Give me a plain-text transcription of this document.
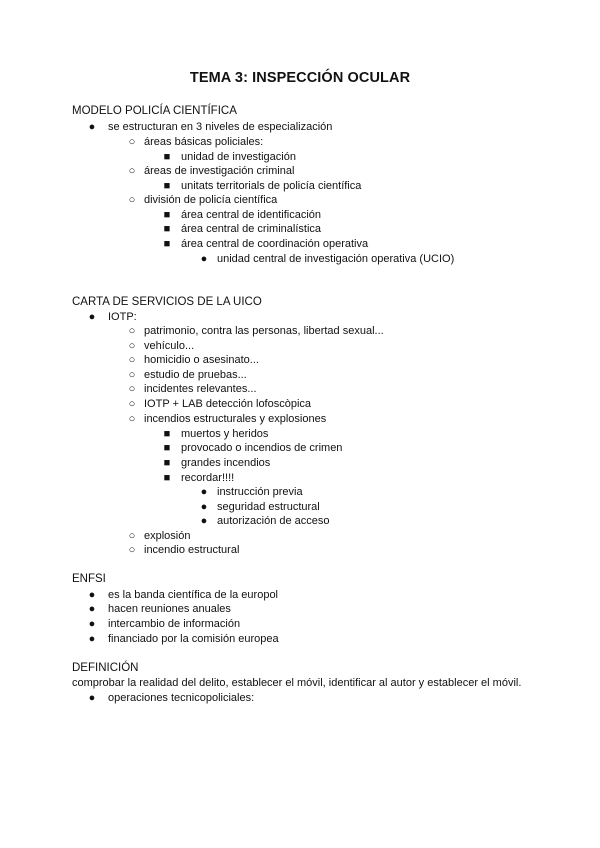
TEMA 3: INSPECCIÓN OCULAR
MODELO POLICÍA CIENTÍFICA
● se estructuran en 3 niveles de especialización
○ áreas básicas policiales:
■ unidad de investigación
○ áreas de investigación criminal
■ unitats territorials de policía científica
○ división de policía científica
■ área central de identificación
■ área central de criminalística
■ área central de coordinación operativa
● unidad central de investigación operativa (UCIO)
CARTA DE SERVICIOS DE LA UICO
● IOTP:
○ patrimonio, contra las personas, libertad sexual...
○ vehículo...
○ homicidio o asesinato...
○ estudio de pruebas...
○ incidentes relevantes...
○ IOTP + LAB detección lofoscòpica
○ incendios estructurales y explosiones
■ muertos y heridos
■ provocado o incendios de crimen
■ grandes incendios
■ recordar!!!!
● instrucción previa
● seguridad estructural
● autorización de acceso
○ explosión
○ incendio estructural
ENFSI
● es la banda científica de la europol
● hacen reuniones anuales
● intercambio de información
● financiado por la comisión europea
DEFINICIÓN
comprobar la realidad del delito, establecer el móvil, identificar al autor y establecer el móvil.
● operaciones tecnicopoliciales:
